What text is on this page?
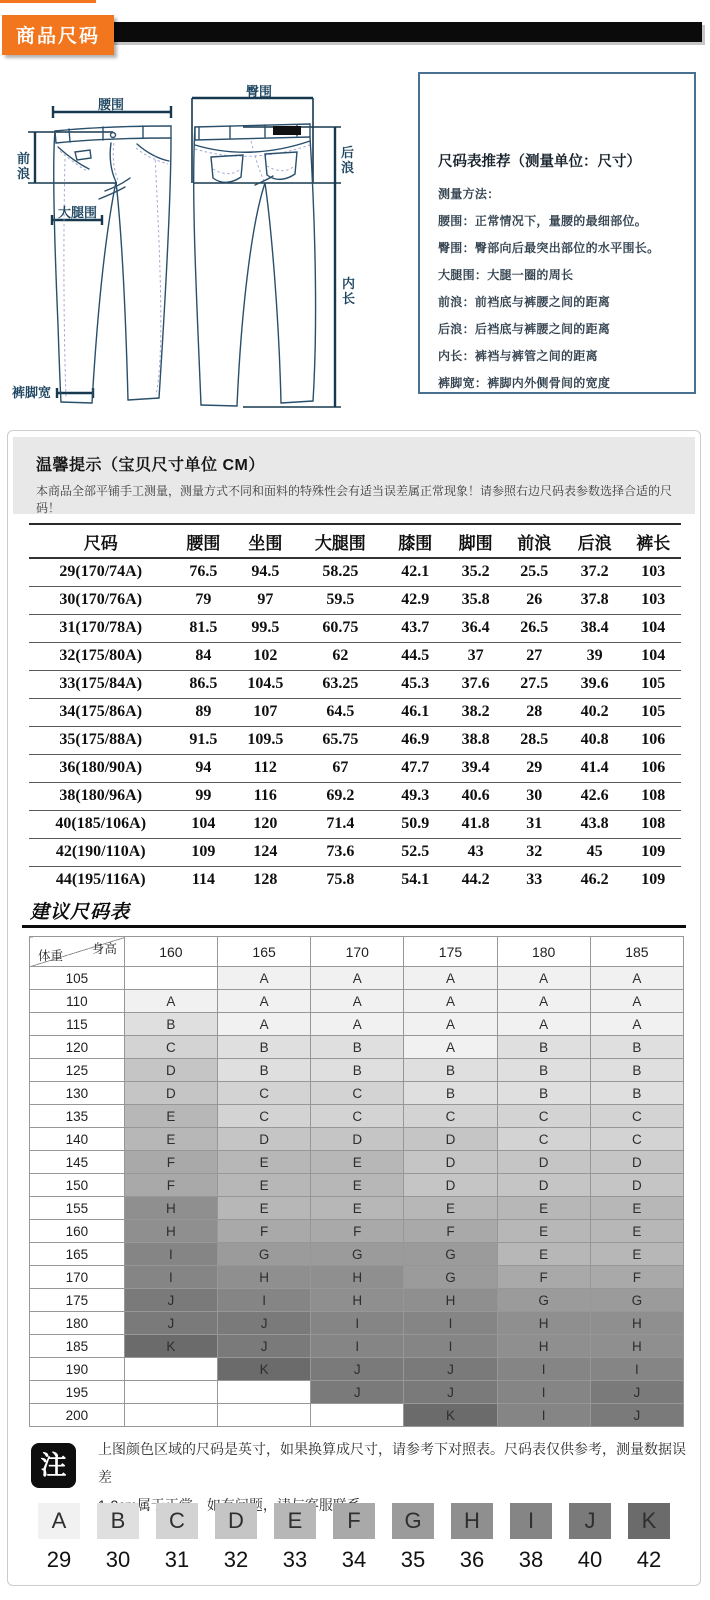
商品尺码
腰围
前浪
大腿围
裤脚宽
臀围
后浪
内长
尺码表推荐（测量单位：尺寸）
测量方法：
腰围：正常情况下，量腰的最细部位。
臀围：臀部向后最突出部位的水平围长。
大腿围：大腿一圈的周长
前浪：前裆底与裤腰之间的距离
后浪：后裆底与裤腰之间的距离
内长：裤裆与裤管之间的距离
裤脚宽：裤脚内外侧骨间的宽度
温馨提示（宝贝尺寸单位 CM）
本商品全部平铺手工测量，测量方式不同和面料的特殊性会有适当误差属正常现象！请参照右边尺码表参数选择合适的尺码！
尺码	腰围	坐围	大腿围	膝围	脚围	前浪	后浪	裤长
29(170/74A)	76.5	94.5	58.25	42.1	35.2	25.5	37.2	103
30(170/76A)	79	97	59.5	42.9	35.8	26	37.8	103
31(170/78A)	81.5	99.5	60.75	43.7	36.4	26.5	38.4	104
32(175/80A)	84	102	62	44.5	37	27	39	104
33(175/84A)	86.5	104.5	63.25	45.3	37.6	27.5	39.6	105
34(175/86A)	89	107	64.5	46.1	38.2	28	40.2	105
35(175/88A)	91.5	109.5	65.75	46.9	38.8	28.5	40.8	106
36(180/90A)	94	112	67	47.7	39.4	29	41.4	106
38(180/96A)	99	116	69.2	49.3	40.6	30	42.6	108
40(185/106A)	104	120	71.4	50.9	41.8	31	43.8	108
42(190/110A)	109	124	73.6	52.5	43	32	45	109
44(195/116A)	114	128	75.8	54.1	44.2	33	46.2	109
建议尺码表
身高
体重	160	165	170	175	180	185
105		A	A	A	A	A
110	A	A	A	A	A	A
115	B	A	A	A	A	A
120	C	B	B	A	B	B
125	D	B	B	B	B	B
130	D	C	C	B	B	B
135	E	C	C	C	C	C
140	E	D	D	D	C	C
145	F	E	E	D	D	D
150	F	E	E	D	D	D
155	H	E	E	E	E	E
160	H	F	F	F	E	E
165	I	G	G	G	E	E
170	I	H	H	G	F	F
175	J	I	H	H	G	G
180	J	J	I	I	H	H
185	K	J	I	I	H	H
190		K	J	J	I	I
195			J	J	I	J
200				K	I	J
注
上图颜色区域的尺码是英寸，如果换算成尺寸，请参考下对照表。尺码表仅供参考，测量数据误差

A
29
B
30
C
31
D
32
E
33
F
34
G
35
H
36
I
38
J
40
K
42
